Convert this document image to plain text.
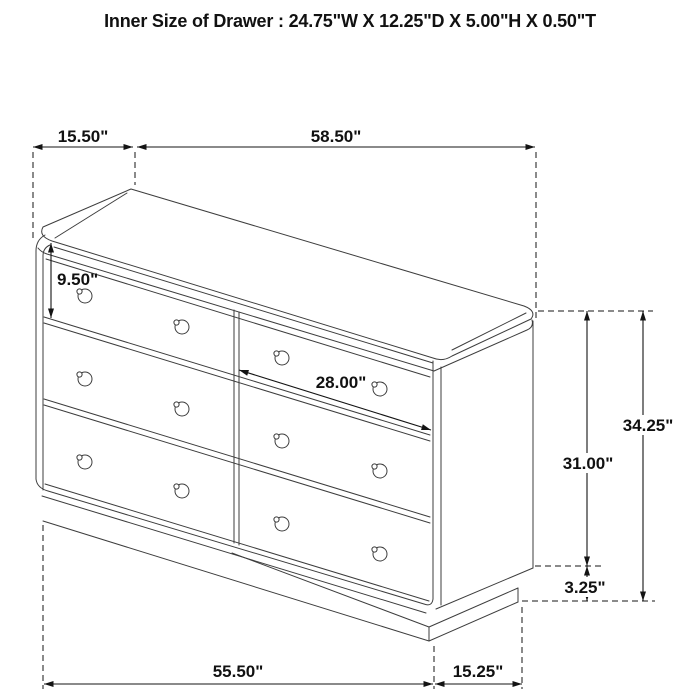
Inner Size of Drawer : 24.75"W X 12.25"D X 5.00"H X 0.50"T
15.50"	58.50"
9.50"
28.00"
34.25"
31.00"
3.25"
55.50"	15.25"
